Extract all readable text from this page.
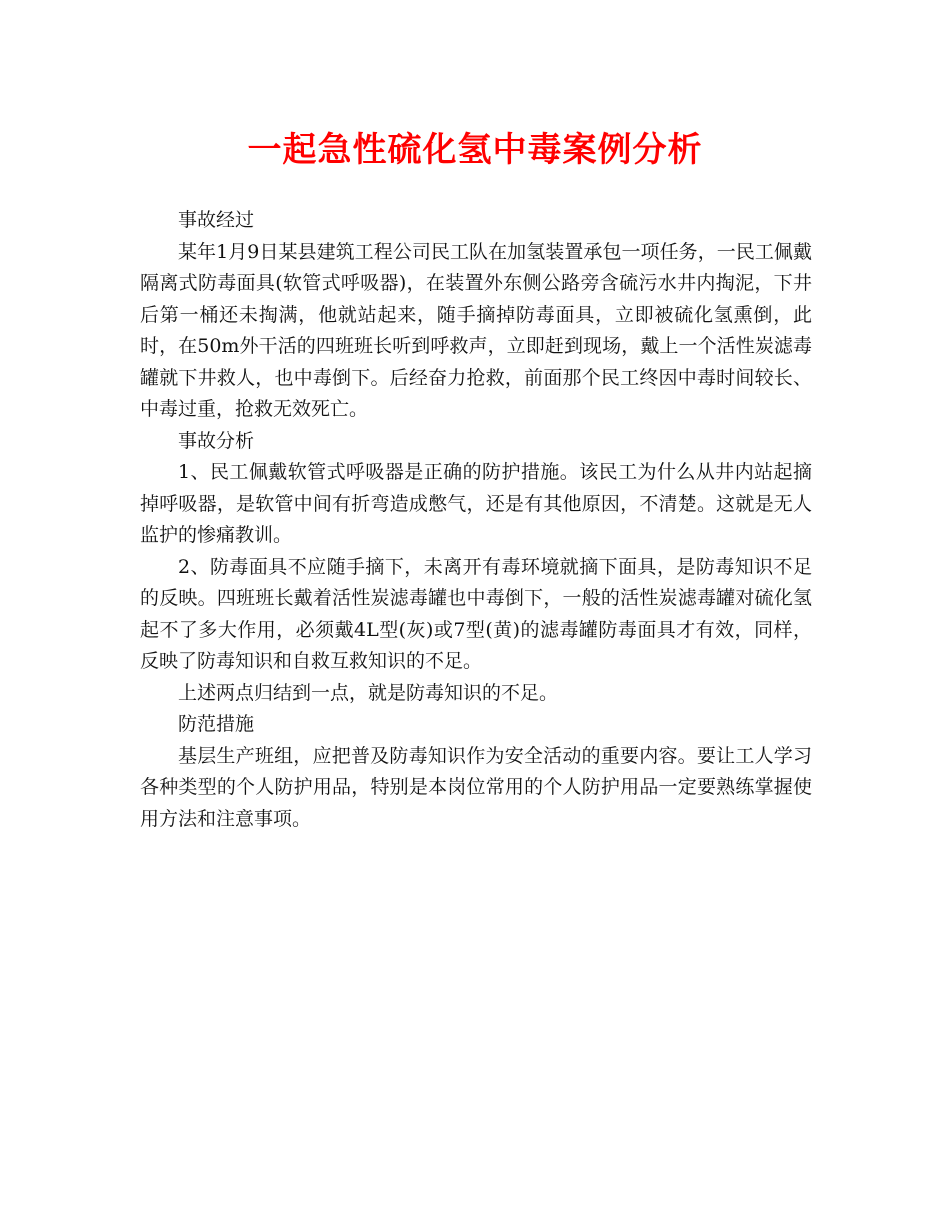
一起急性硫化氢中毒案例分析

事故经过

某年1月9日某县建筑工程公司民工队在加氢装置承包一项任务，一民工佩戴隔离式防毒面具(软管式呼吸器)，在装置外东侧公路旁含硫污水井内掏泥，下井后第一桶还未掏满，他就站起来，随手摘掉防毒面具，立即被硫化氢熏倒，此时，在50m外干活的四班班长听到呼救声，立即赶到现场，戴上一个活性炭滤毒罐就下井救人，也中毒倒下。后经奋力抢救，前面那个民工终因中毒时间较长、中毒过重，抢救无效死亡。

事故分析

1、民工佩戴软管式呼吸器是正确的防护措施。该民工为什么从井内站起摘掉呼吸器，是软管中间有折弯造成憋气，还是有其他原因，不清楚。这就是无人监护的惨痛教训。

2、防毒面具不应随手摘下，未离开有毒环境就摘下面具，是防毒知识不足的反映。四班班长戴着活性炭滤毒罐也中毒倒下，一般的活性炭滤毒罐对硫化氢起不了多大作用，必须戴4L型(灰)或7型(黄)的滤毒罐防毒面具才有效，同样，反映了防毒知识和自救互救知识的不足。

上述两点归结到一点，就是防毒知识的不足。

防范措施

基层生产班组，应把普及防毒知识作为安全活动的重要内容。要让工人学习各种类型的个人防护用品，特别是本岗位常用的个人防护用品一定要熟练掌握使用方法和注意事项。
